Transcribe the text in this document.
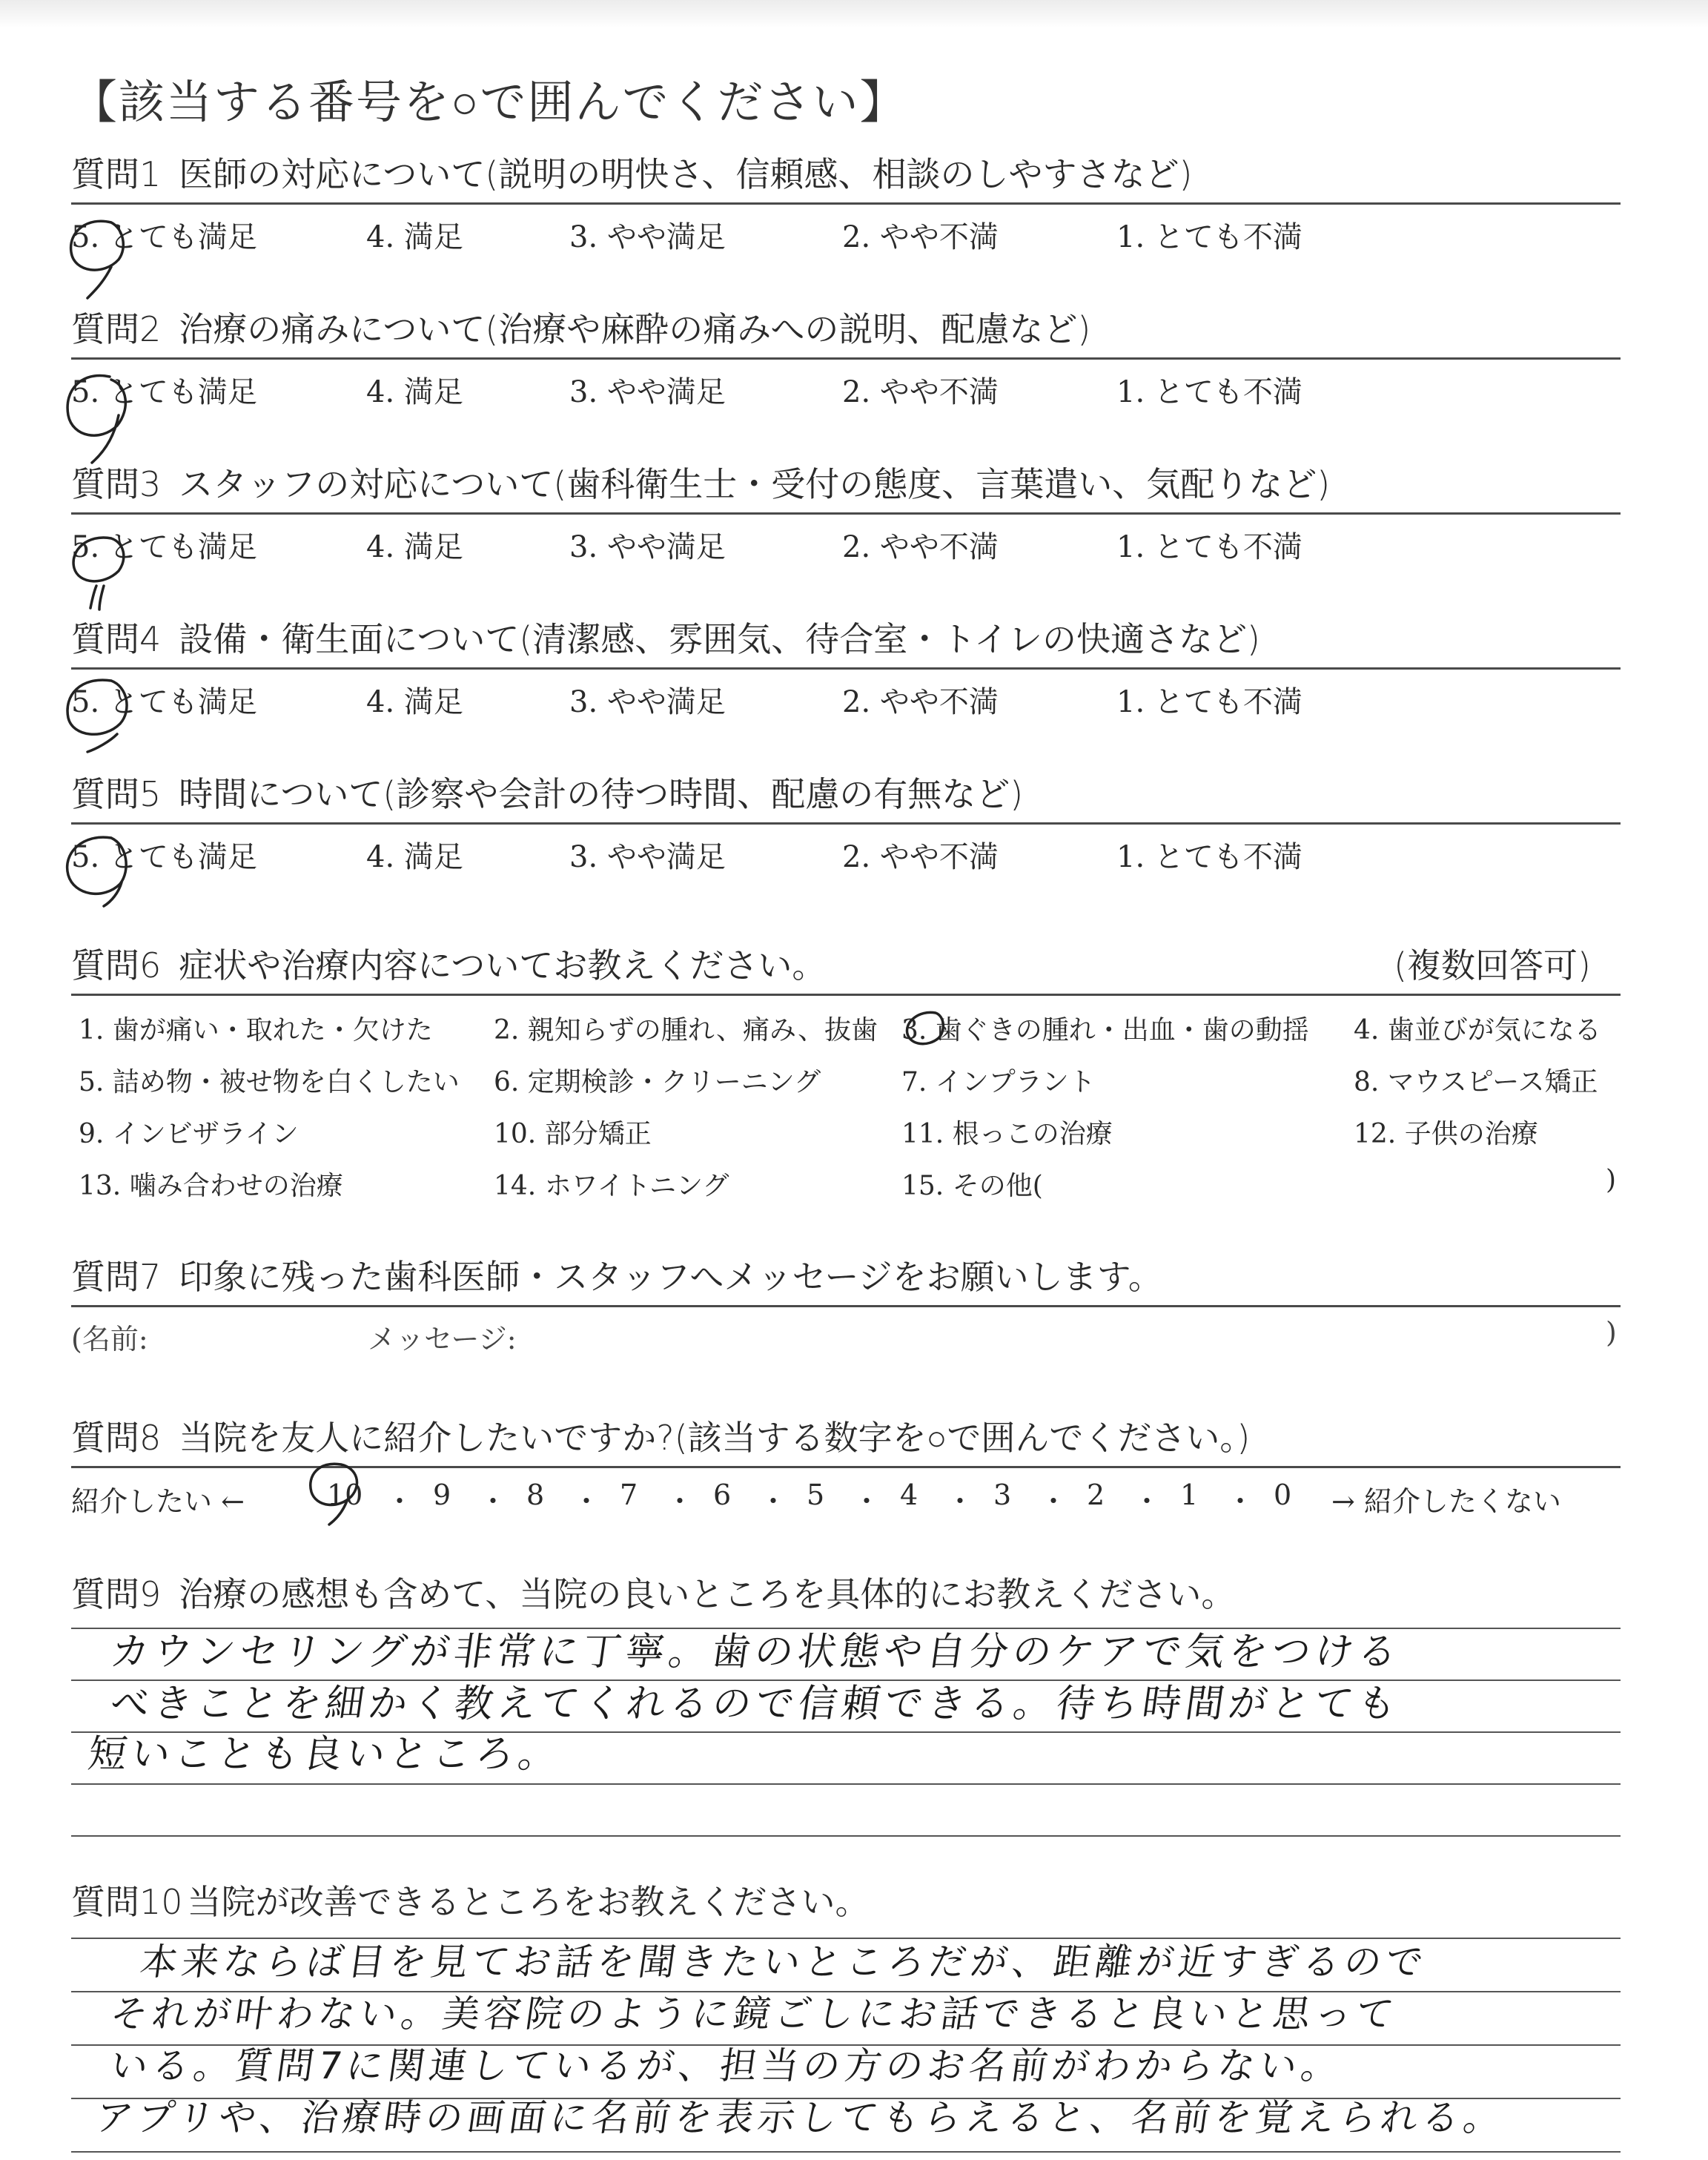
【該当する番号を○で囲んでください】
質問1 医師の対応について(説明の明快さ、信頼感、相談のしやすさなど)
5. とても満足	4. 満足	3. やや満足	2. やや不満	1. とても不満
質問2 治療の痛みについて(治療や麻酔の痛みへの説明、配慮など)
5. とても満足	4. 満足	3. やや満足	2. やや不満	1. とても不満
質問3 スタッフの対応について(歯科衛生士・受付の態度、言葉遣い、気配りなど)
5. とても満足	4. 満足	3. やや満足	2. やや不満	1. とても不満
質問4 設備・衛生面について(清潔感、雰囲気、待合室・トイレの快適さなど)
5. とても満足	4. 満足	3. やや満足	2. やや不満	1. とても不満
質問5 時間について(診察や会計の待つ時間、配慮の有無など)
5. とても満足	4. 満足	3. やや満足	2. やや不満	1. とても不満
質問6 症状や治療内容についてお教えください。	(複数回答可)
1. 歯が痛い・取れた・欠けた 2. 親知らずの腫れ、痛み、抜歯 3. 歯ぐきの腫れ・出血・歯の動揺 4. 歯並びが気になる
5. 詰め物・被せ物を白くしたい 6. 定期検診・クリーニング	7. インプラント	8. マウスピース矯正
9. インビザライン	10. 部分矯正	11. 根っこの治療	12. 子供の治療
13. 噛み合わせの治療	14. ホワイトニング	15. その他(	)
質問7 印象に残った歯科医師・スタッフへメッセージをお願いします。
(名前:	メッセージ:	)
質問8 当院を友人に紹介したいですか?(該当する数字を○で囲んでください。)
紹介したい ←	10 ・ 9 ・ 8 ・ 7 ・ 6 ・ 5 ・ 4 ・ 3 ・ 2 ・ 1 ・ 0 → 紹介したくない
質問9 治療の感想も含めて、当院の良いところを具体的にお教えください。
カウンセリングが非常に丁寧。歯の状態や自分のケアで気をつける
べきことを細かく教えてくれるので信頼できる。待ち時間がとても
短いことも良いところ。
質問10 当院が改善できるところをお教えください。
本来ならば目を見てお話を聞きたいところだが、距離が近すぎるので
それが叶わない。美容院のように鏡ごしにお話できると良いと思って
いる。質問7に関連しているが、担当の方のお名前がわからない。
アプリや、治療時の画面に名前を表示してもらえると、名前を覚えられる。
